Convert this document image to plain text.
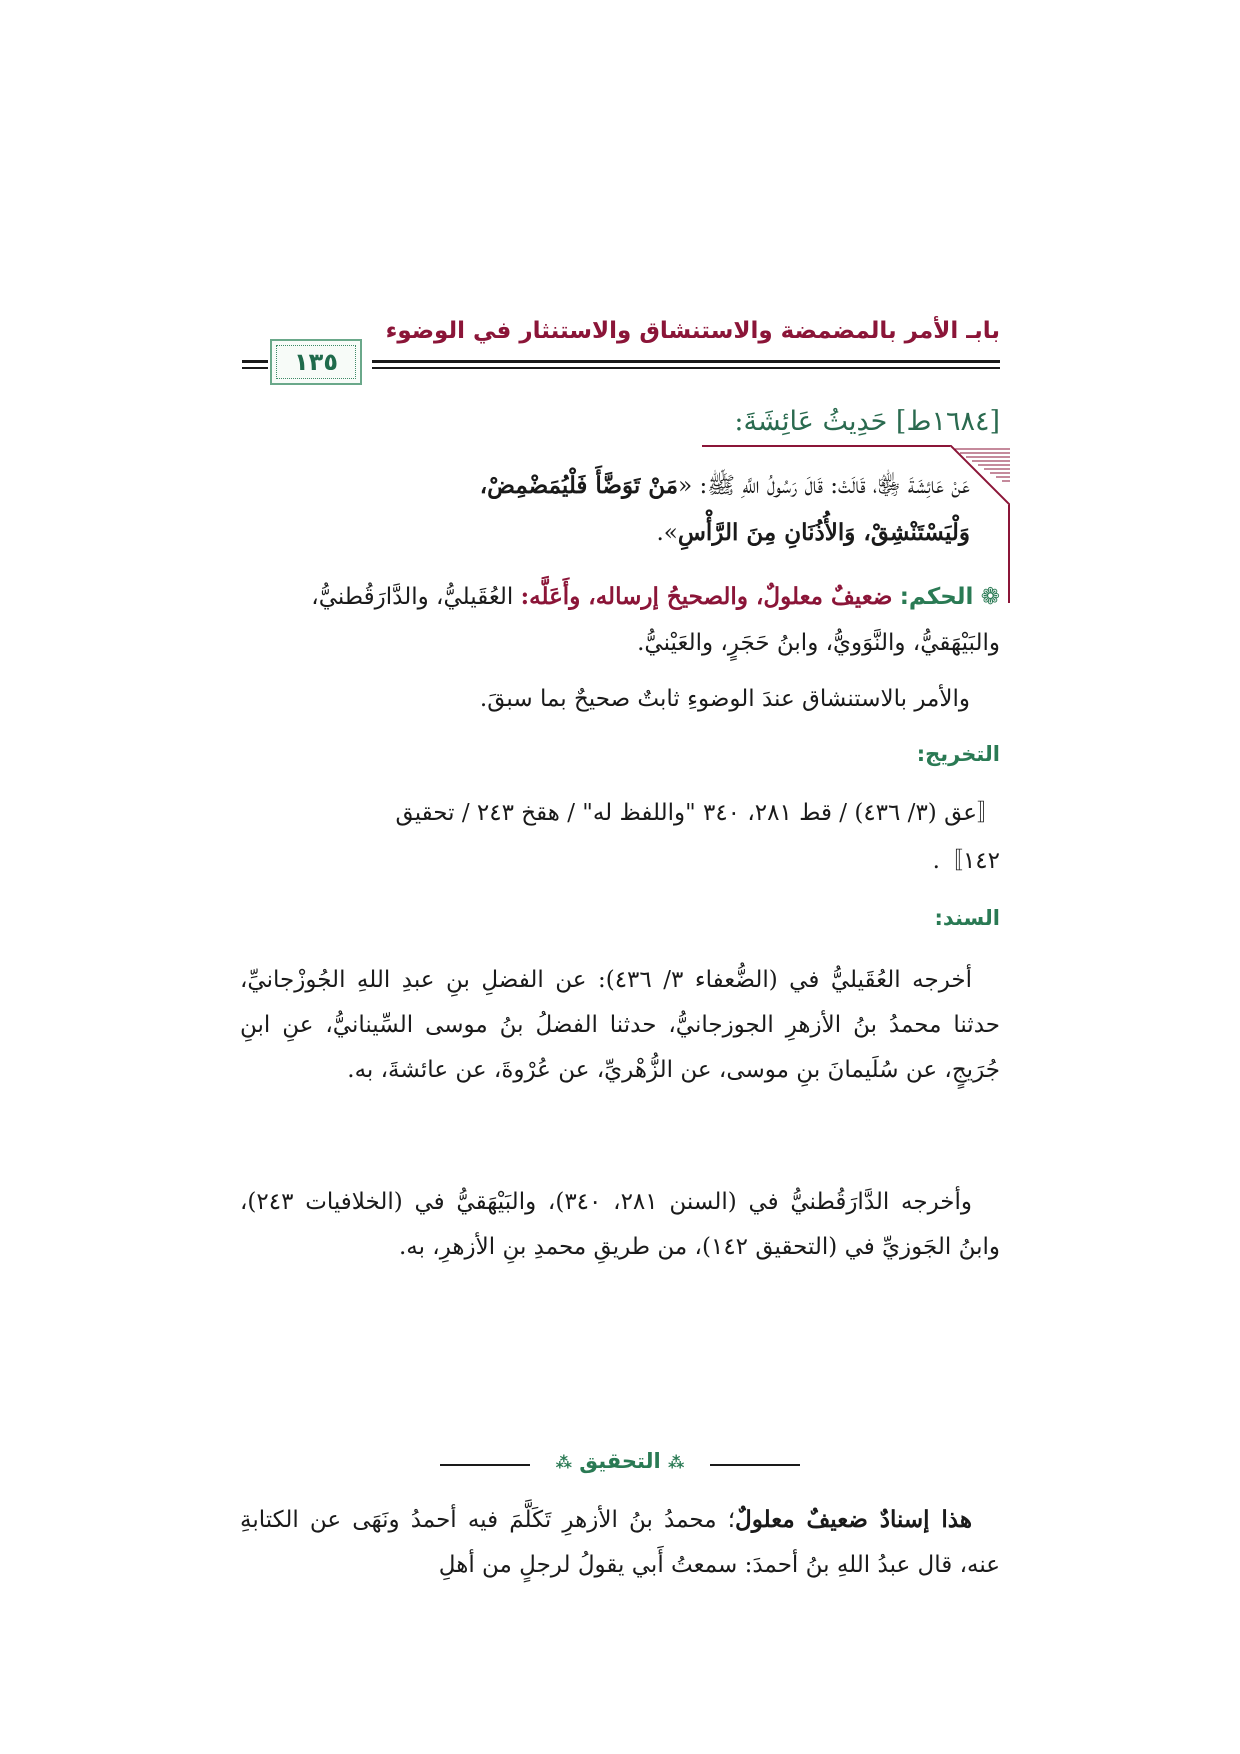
بابـ الأمر بالمضمضة والاستنشاق والاستنثار في الوضوء
١٣٥
[١٦٨٤ط] حَدِيثُ عَائِشَةَ:
عَنْ عَائِشَةَ ﵂، قَالَتْ: قَالَ رَسُولُ اللَّهِ ﷺ: «مَنْ تَوَضَّأَ فَلْيُمَضْمِضْ،
وَلْيَسْتَنْشِقْ، وَالأُذُنَانِ مِنَ الرَّأْسِ».
❁ الحكم: ضعيفٌ معلولٌ، والصحيحُ إرساله، وأَعَلَّه: العُقَيليُّ، والدَّارَقُطنيُّ،
والبَيْهَقيُّ، والنَّوَويُّ، وابنُ حَجَرٍ، والعَيْنيُّ.
والأمر بالاستنشاق عندَ الوضوءِ ثابتٌ صحيحٌ بما سبقَ.
التخريج:
〚عق (٣/ ٤٣٦) / قط ٢٨١، ٣٤٠ "واللفظ له" / هقخ ٢٤٣ / تحقيق
١٤٢〛.
السند:
أخرجه العُقَيليُّ في (الضُّعفاء ٣/ ٤٣٦): عن الفضلِ بنِ عبدِ اللهِ الجُوزْجانيِّ، حدثنا محمدُ بنُ الأزهرِ الجوزجانيُّ، حدثنا الفضلُ بنُ موسى السِّينانيُّ، عنِ ابنِ جُرَيجٍ، عن سُلَيمانَ بنِ موسى، عن الزُّهْريِّ، عن عُرْوةَ، عن عائشةَ، به.
وأخرجه الدَّارَقُطنيُّ في (السنن ٢٨١، ٣٤٠)، والبَيْهَقيُّ في (الخلافيات ٢٤٣)، وابنُ الجَوزيِّ في (التحقيق ١٤٢)، من طريقِ محمدِ بنِ الأزهرِ، به.
⁂ التحقيق ⁂
هذا إسنادٌ ضعيفٌ معلولٌ؛ محمدُ بنُ الأزهرِ تَكَلَّمَ فيه أحمدُ ونَهَى عن الكتابةِ عنه، قال عبدُ اللهِ بنُ أحمدَ: سمعتُ أَبي يقولُ لرجلٍ من أهلِ
